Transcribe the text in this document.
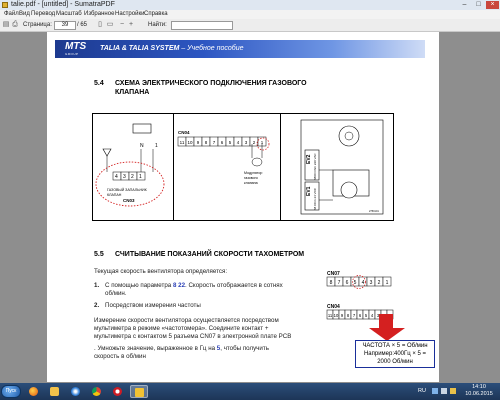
talie.pdf - [untitled] - SumatraPDF	–	□	×
Файл Вид Перевод Масштаб Избранное Настройки Справка
▤ ⎙ Страница:	39	/ 65 ▯ ▭ − +	Найти:
MTS
GROUP
TALIA & TALIA SYSTEM – Учебное пособие
5.4 СХЕМА ЭЛЕКТРИЧЕСКОГО ПОДКЛЮЧЕНИЯ ГАЗОВОГО
КЛАПАНА
N 1
4 3 2 1
ГАЗОВЫЙ ЗАПАЛЬНИК
КЛАПАН
CN03
CN04
11 10 9 8 7 6 5 4 3 2 1
Модулятор
газового
клапана
EV2
EV1
6800 Ohm 220 VAC
68 Ohm 24 VDC
2750101
5.5 СЧИТЫВАНИЕ ПОКАЗАНИЙ СКОРОСТИ ТАХОМЕТРОМ
Текущая скорость вентилятора определяется:
1. С помощью параметра 8 22. Скорость отображается в сотнях
об/мин.
2. Посредством измерения частоты
Измерение скорости вентилятора осуществляется посредством
мультиметра в режиме «частотомера». Соедините контакт +
мультиметра с контактом 5 разъема CN07 в электронной плате PCB
. Умножьте значение, выраженное в Гц на 5, чтобы получить
скорость в об/мин
CN07
8 7 6 5 4 3 2 1
CN04
11 10 9 8 7 6 5 4 3
ЧАСТОТА × 5 = Об/мин
Например:400Гц × 5 =
2000 Об/мин
Пуск	RU
14:10
10.06.2015
